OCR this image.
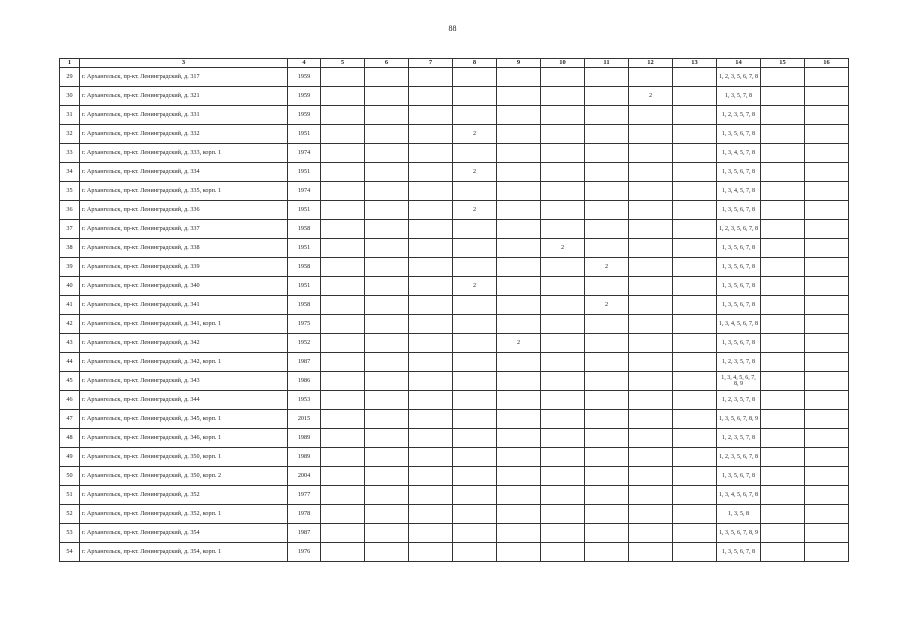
88
1	3	4	5	6	7	8	9	10	11	12	13	14	15	16
29	г. Архангельск, пр-кт. Ленинградский, д. 317	1959										1, 2, 3, 5, 6, 7, 8		
30	г. Архангельск, пр-кт. Ленинградский, д. 321	1959								2		1, 3, 5, 7, 8		
31	г. Архангельск, пр-кт. Ленинградский, д. 331	1959										1, 2, 3, 5, 7, 8		
32	г. Архангельск, пр-кт. Ленинградский, д. 332	1951				2						1, 3, 5, 6, 7, 8		
33	г. Архангельск, пр-кт. Ленинградский, д. 333, корп. 1	1974										1, 3, 4, 5, 7, 8		
34	г. Архангельск, пр-кт. Ленинградский, д. 334	1951				2						1, 3, 5, 6, 7, 8		
35	г. Архангельск, пр-кт. Ленинградский, д. 335, корп. 1	1974										1, 3, 4, 5, 7, 8		
36	г. Архангельск, пр-кт. Ленинградский, д. 336	1951				2						1, 3, 5, 6, 7, 8		
37	г. Архангельск, пр-кт. Ленинградский, д. 337	1958										1, 2, 3, 5, 6, 7, 8		
38	г. Архангельск, пр-кт. Ленинградский, д. 338	1951						2				1, 3, 5, 6, 7, 8		
39	г. Архангельск, пр-кт. Ленинградский, д. 339	1958							2			1, 3, 5, 6, 7, 8		
40	г. Архангельск, пр-кт. Ленинградский, д. 340	1951				2						1, 3, 5, 6, 7, 8		
41	г. Архангельск, пр-кт. Ленинградский, д. 341	1958							2			1, 3, 5, 6, 7, 8		
42	г. Архангельск, пр-кт. Ленинградский, д. 341, корп. 1	1975										1, 3, 4, 5, 6, 7, 8		
43	г. Архангельск, пр-кт. Ленинградский, д. 342	1952					2					1, 3, 5, 6, 7, 8		
44	г. Архангельск, пр-кт. Ленинградский, д. 342, корп. 1	1987										1, 2, 3, 5, 7, 8		
45	г. Архангельск, пр-кт. Ленинградский, д. 343	1986										1, 3, 4, 5, 6, 7, 8, 9		
46	г. Архангельск, пр-кт. Ленинградский, д. 344	1953										1, 2, 3, 5, 7, 8		
47	г. Архангельск, пр-кт. Ленинградский, д. 345, корп. 1	2015										1, 3, 5, 6, 7, 8, 9		
48	г. Архангельск, пр-кт. Ленинградский, д. 346, корп. 1	1989										1, 2, 3, 5, 7, 8		
49	г. Архангельск, пр-кт. Ленинградский, д. 350, корп. 1	1989										1, 2, 3, 5, 6, 7, 8		
50	г. Архангельск, пр-кт. Ленинградский, д. 350, корп. 2	2004										1, 3, 5, 6, 7, 8		
51	г. Архангельск, пр-кт. Ленинградский, д. 352	1977										1, 3, 4, 5, 6, 7, 8		
52	г. Архангельск, пр-кт. Ленинградский, д. 352, корп. 1	1978										1, 3, 5, 8		
53	г. Архангельск, пр-кт. Ленинградский, д. 354	1987										1, 3, 5, 6, 7, 8, 9		
54	г. Архангельск, пр-кт. Ленинградский, д. 354, корп. 1	1976										1, 3, 5, 6, 7, 8		
